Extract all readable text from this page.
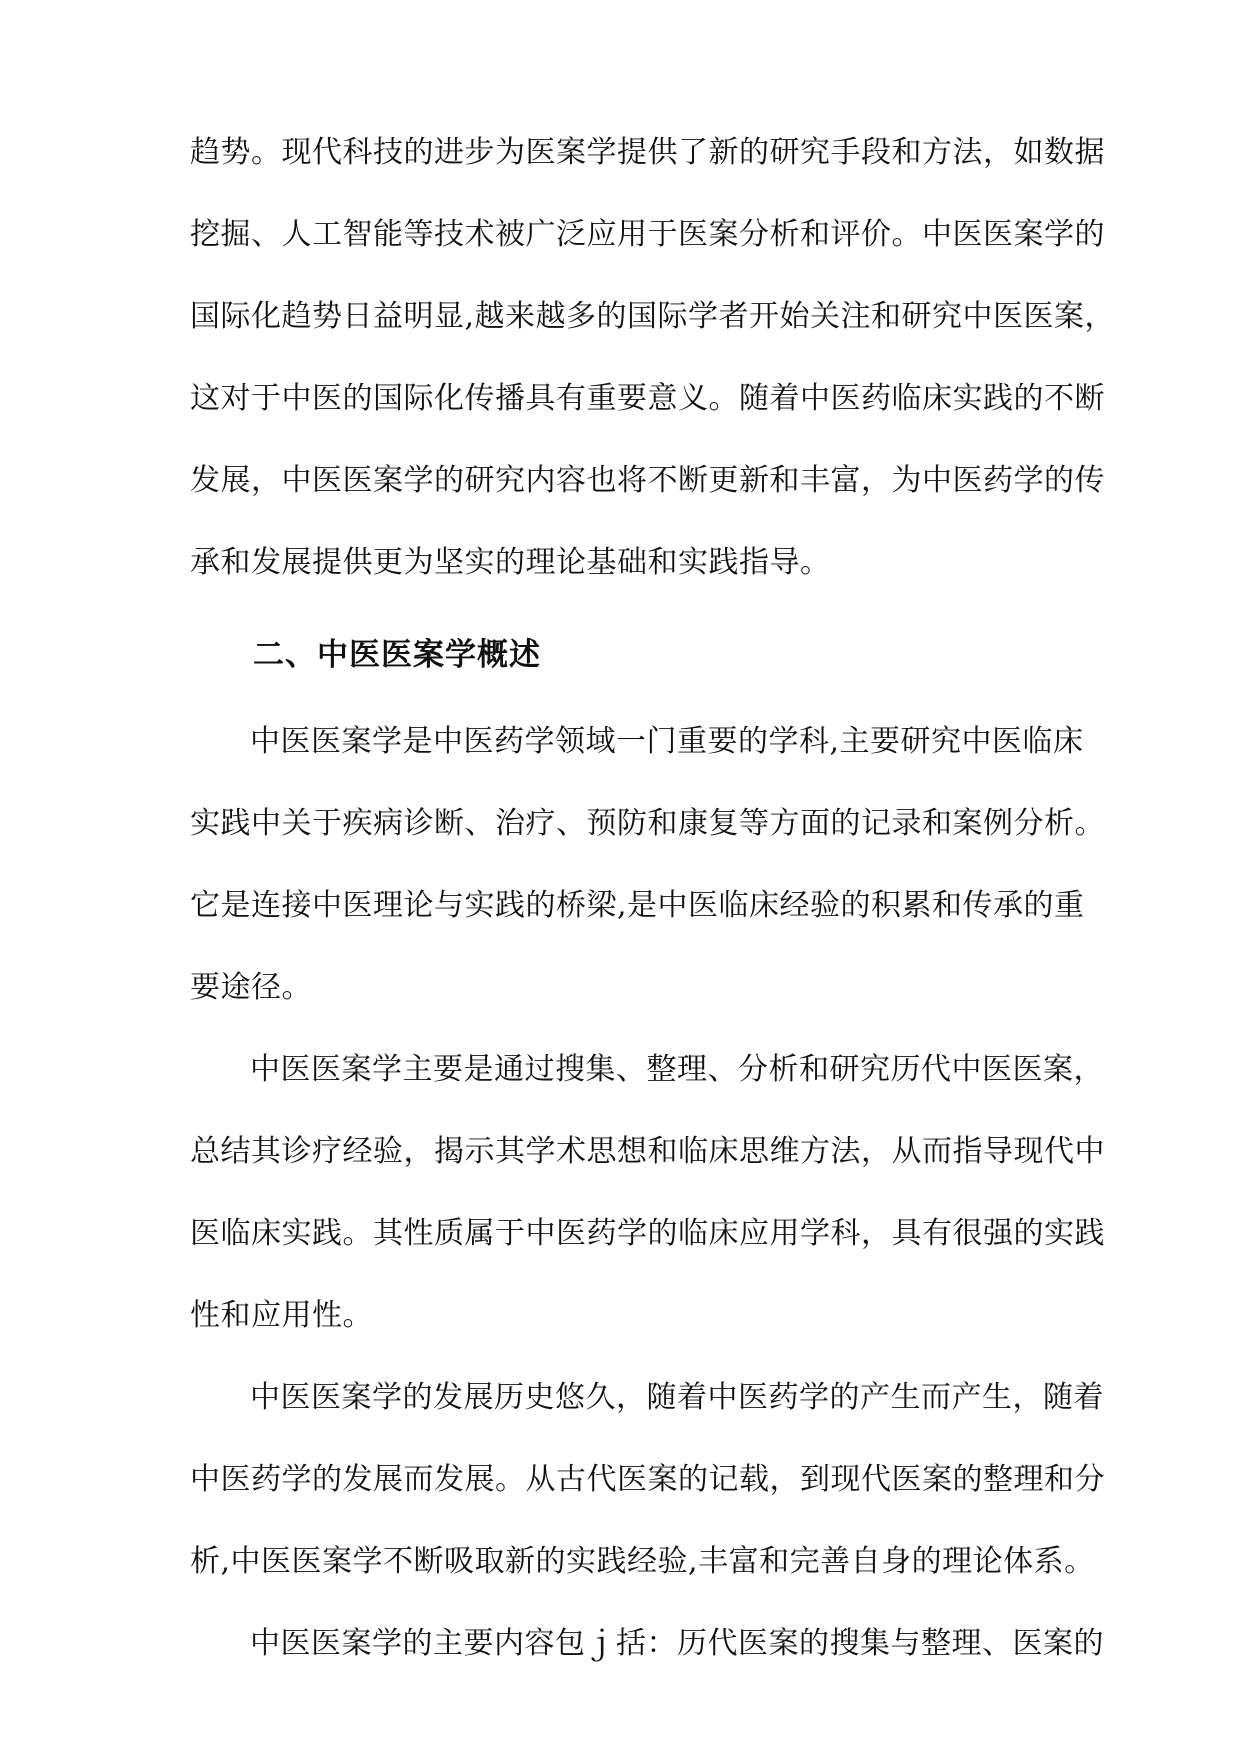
趋势。现代科技的进步为医案学提供了新的研究手段和方法，如数据
挖掘、人工智能等技术被广泛应用于医案分析和评价。中医医案学的
国际化趋势日益明显,越来越多的国际学者开始关注和研究中医医案，
这对于中医的国际化传播具有重要意义。随着中医药临床实践的不断
发展，中医医案学的研究内容也将不断更新和丰富，为中医药学的传
承和发展提供更为坚实的理论基础和实践指导。
二、中医医案学概述
中医医案学是中医药学领域一门重要的学科,主要研究中医临床
实践中关于疾病诊断、治疗、预防和康复等方面的记录和案例分析。
它是连接中医理论与实践的桥梁,是中医临床经验的积累和传承的重
要途径。
中医医案学主要是通过搜集、整理、分析和研究历代中医医案，
总结其诊疗经验，揭示其学术思想和临床思维方法，从而指导现代中
医临床实践。其性质属于中医药学的临床应用学科，具有很强的实践
性和应用性。
中医医案学的发展历史悠久，随着中医药学的产生而产生，随着
中医药学的发展而发展。从古代医案的记载，到现代医案的整理和分
析,中医医案学不断吸取新的实践经验,丰富和完善自身的理论体系。
中医医案学的主要内容包ｊ括：历代医案的搜集与整理、医案的
